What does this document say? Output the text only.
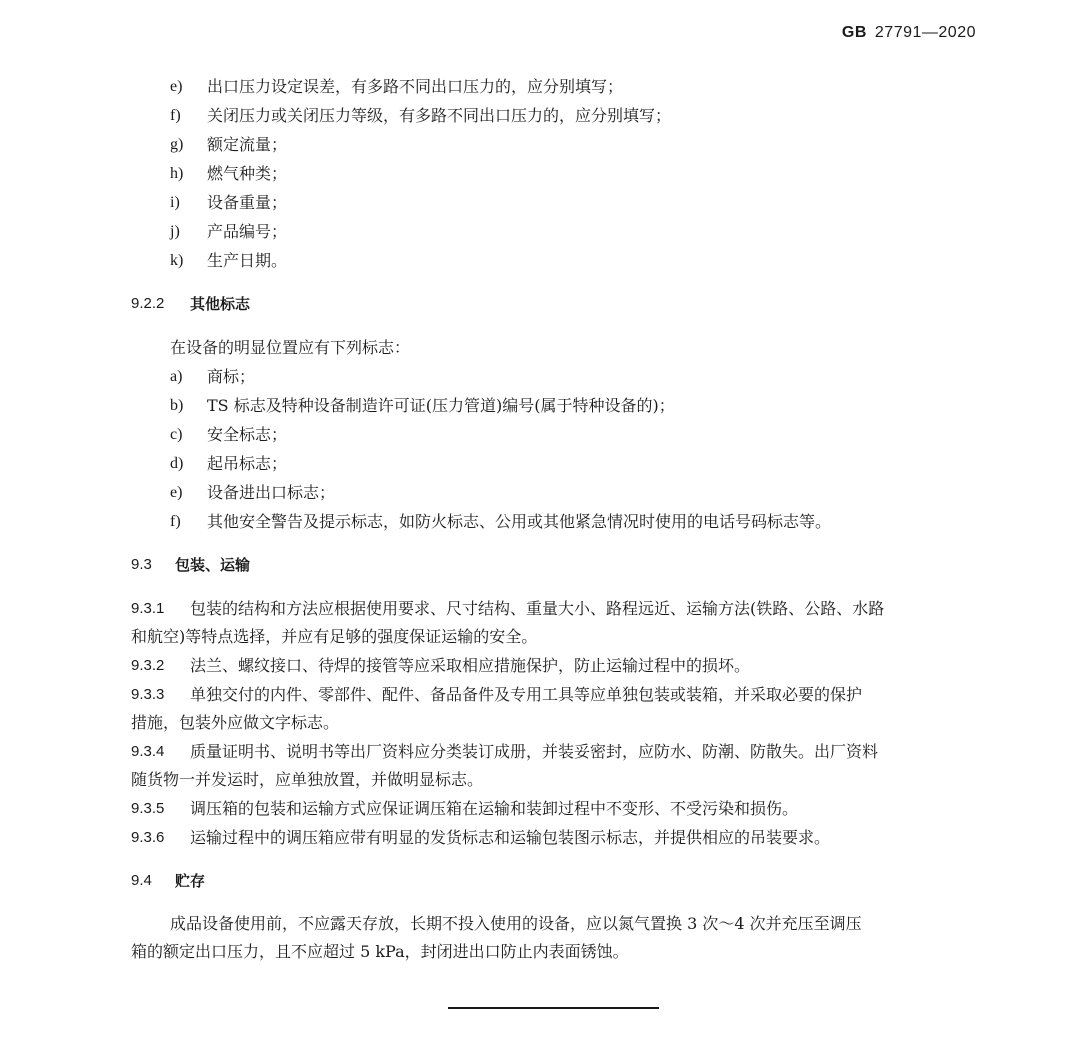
GB 27791—2020
e) 出口压力设定误差，有多路不同出口压力的，应分别填写；
f) 关闭压力或关闭压力等级，有多路不同出口压力的，应分别填写；
g) 额定流量；
h) 燃气种类；
i) 设备重量；
j) 产品编号；
k) 生产日期。
9.2.2 其他标志
在设备的明显位置应有下列标志：
a) 商标；
b) TS 标志及特种设备制造许可证(压力管道)编号(属于特种设备的)；
c) 安全标志；
d) 起吊标志；
e) 设备进出口标志；
f) 其他安全警告及提示标志，如防火标志、公用或其他紧急情况时使用的电话号码标志等。
9.3 包装、运输
9.3.1 包装的结构和方法应根据使用要求、尺寸结构、重量大小、路程远近、运输方法(铁路、公路、水路
和航空)等特点选择，并应有足够的强度保证运输的安全。
9.3.2 法兰、螺纹接口、待焊的接管等应采取相应措施保护，防止运输过程中的损坏。
9.3.3 单独交付的内件、零部件、配件、备品备件及专用工具等应单独包装或装箱，并采取必要的保护
措施，包装外应做文字标志。
9.3.4 质量证明书、说明书等出厂资料应分类装订成册，并装妥密封，应防水、防潮、防散失。出厂资料
随货物一并发运时，应单独放置，并做明显标志。
9.3.5 调压箱的包装和运输方式应保证调压箱在运输和装卸过程中不变形、不受污染和损伤。
9.3.6 运输过程中的调压箱应带有明显的发货标志和运输包装图示标志，并提供相应的吊装要求。
9.4 贮存
成品设备使用前，不应露天存放，长期不投入使用的设备，应以氮气置换 3 次～4 次并充压至调压
箱的额定出口压力，且不应超过 5 kPa，封闭进出口防止内表面锈蚀。
